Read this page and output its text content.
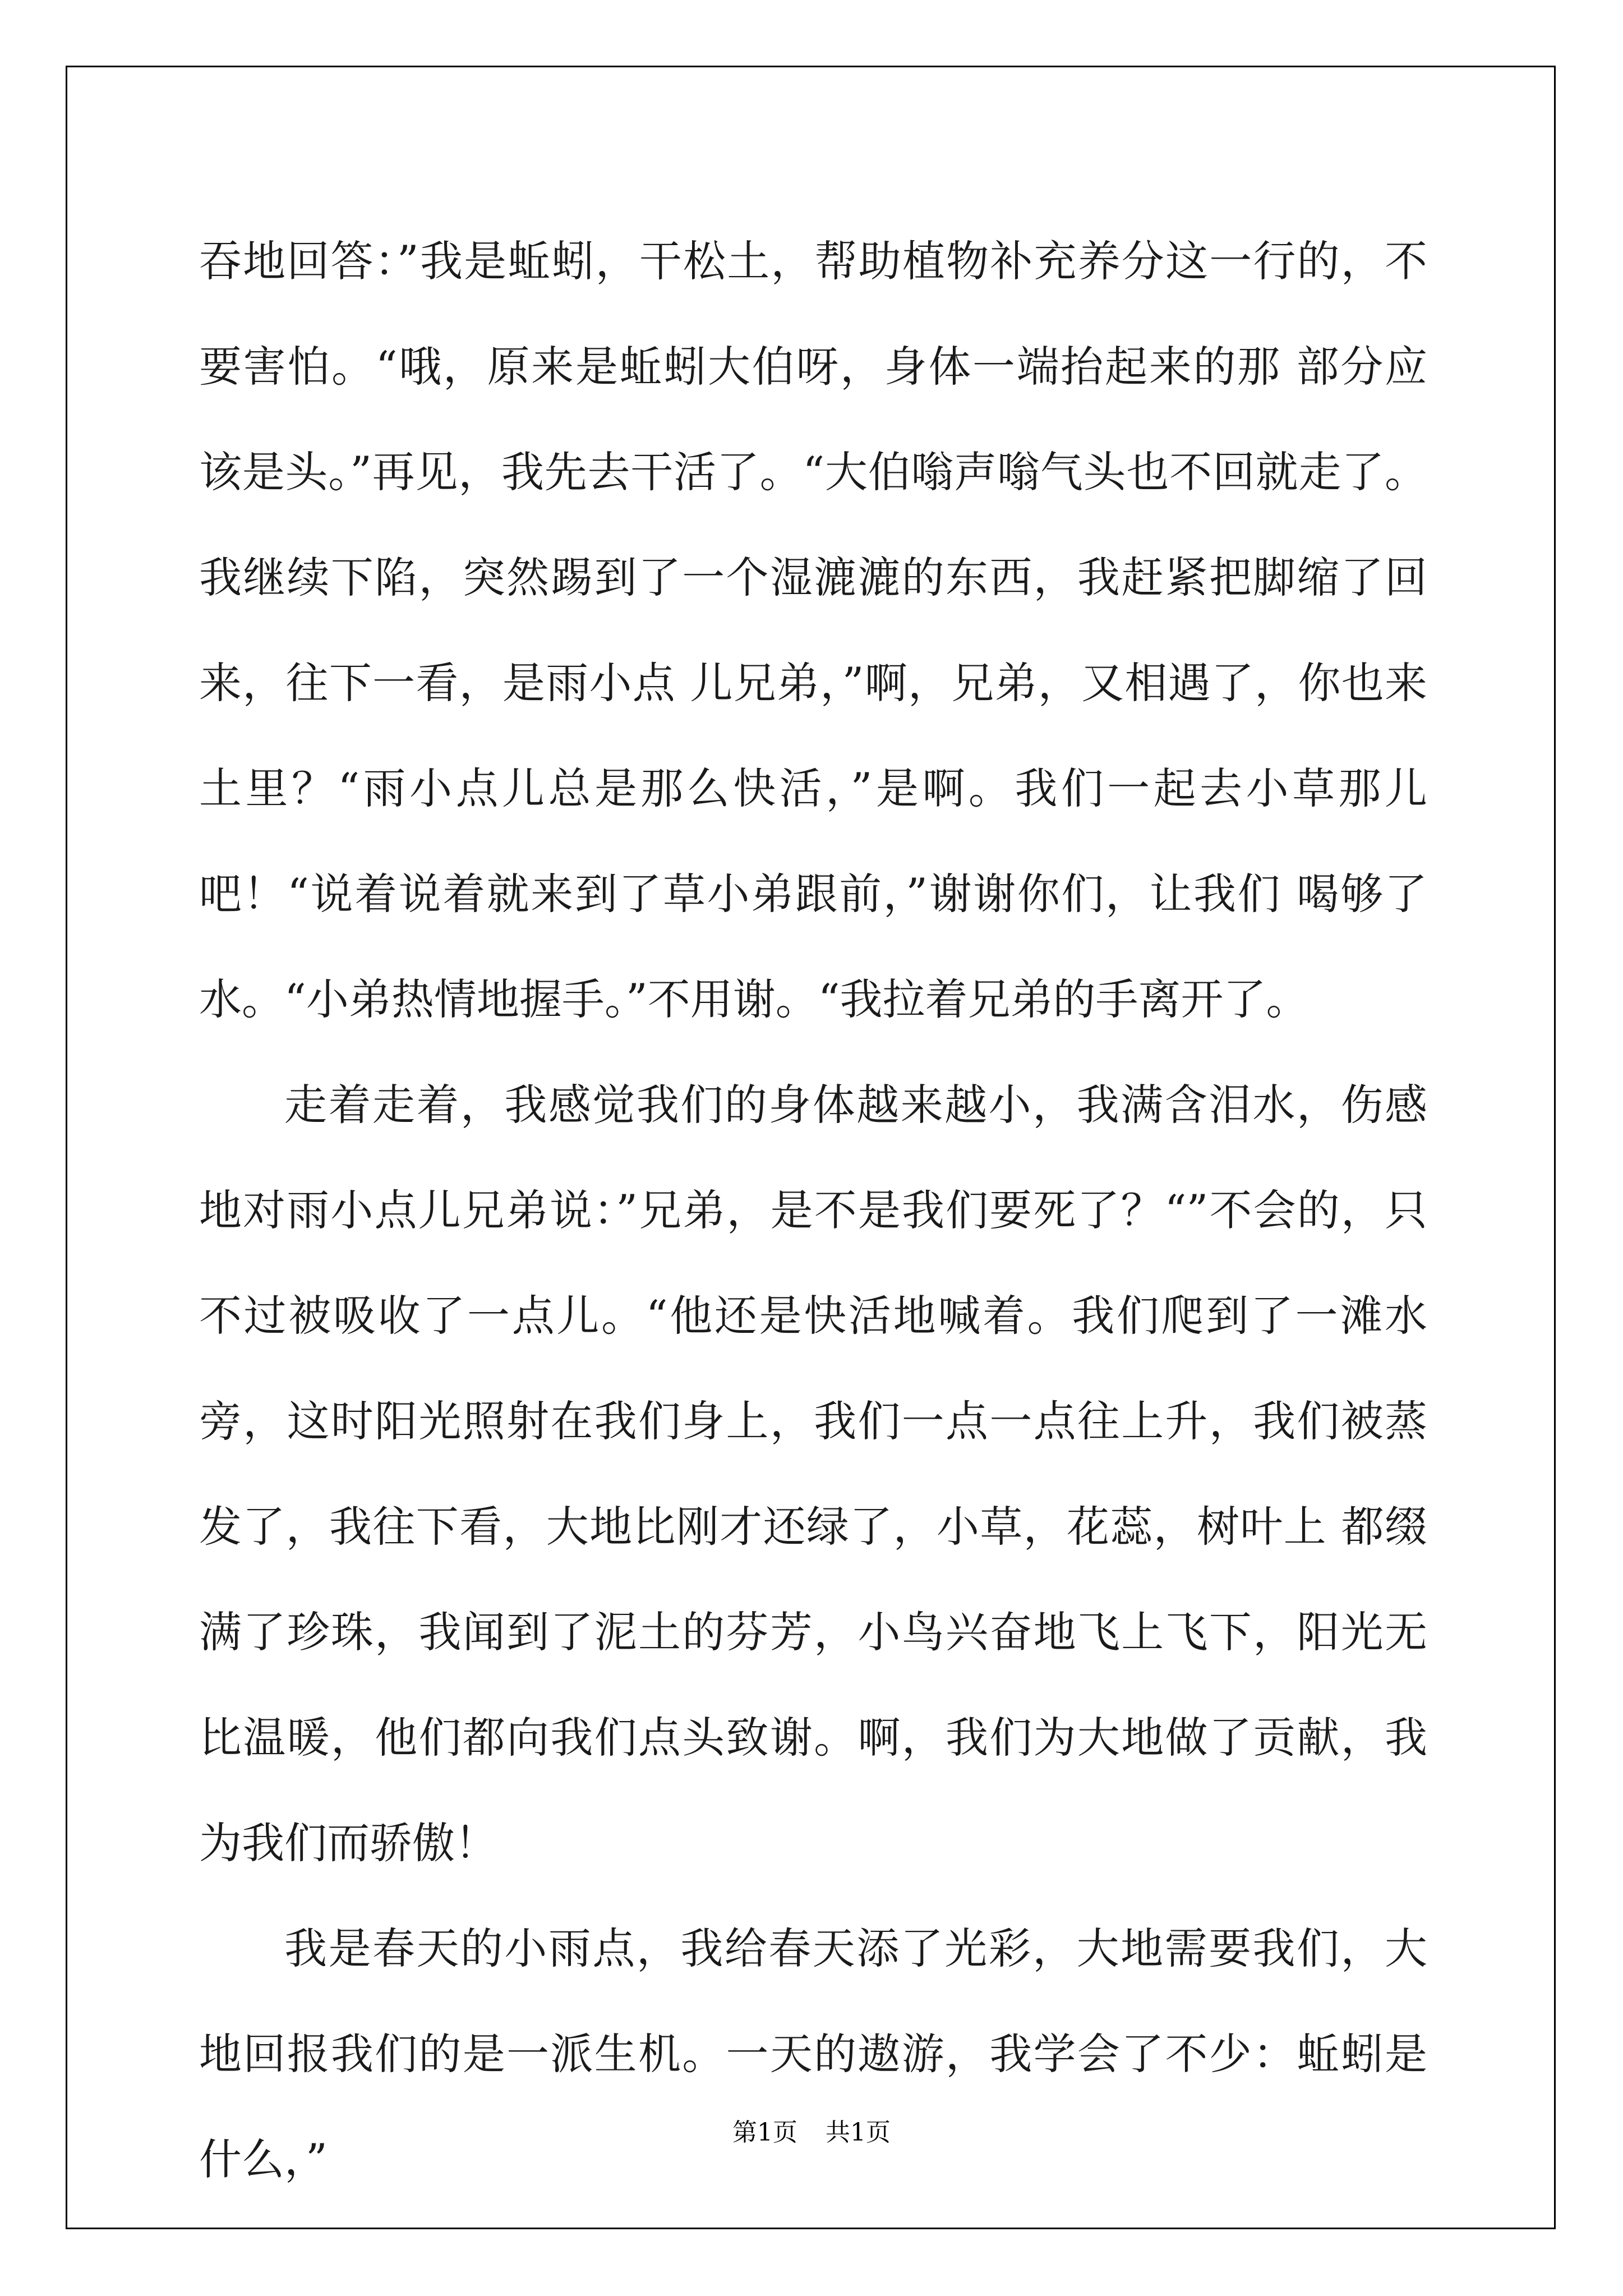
吞地回答：”我是蚯蚓，干松土，帮助植物补充养分这一行的，不要害怕。“哦，原来是蚯蚓大伯呀，身体一端抬起来的那 部分应该是头。”再见，我先去干活了。“大伯嗡声嗡气头也不回就走了。我继续下陷，突然踢到了一个湿漉漉的东西，我赶紧把脚缩了回来，往下一看，是雨小点 儿兄弟，”啊，兄弟，又相遇了，你也来土里？“雨小点儿总是那么快活，”是啊。我们一起去小草那儿吧！“说着说着就来到了草小弟跟前，”谢谢你们，让我们 喝够了水。“小弟热情地握手。”不用谢。“我拉着兄弟的手离开了。

走着走着，我感觉我们的身体越来越小，我满含泪水，伤感地对雨小点儿兄弟说：”兄弟，是不是我们要死了？“”不会的，只不过被吸收了一点儿。“他还是快活地喊着。我们爬到了一滩水旁，这时阳光照射在我们身上，我们一点一点往上升，我们被蒸发了，我往下看，大地比刚才还绿了，小草，花蕊，树叶上 都缀满了珍珠，我闻到了泥土的芬芳，小鸟兴奋地飞上飞下，阳光无比温暖，他们都向我们点头致谢。啊，我们为大地做了贡献，我为我们而骄傲！

我是春天的小雨点，我给春天添了光彩，大地需要我们，大地回报我们的是一派生机。一天的遨游，我学会了不少：蚯蚓是什么，”

第1页 共1页
